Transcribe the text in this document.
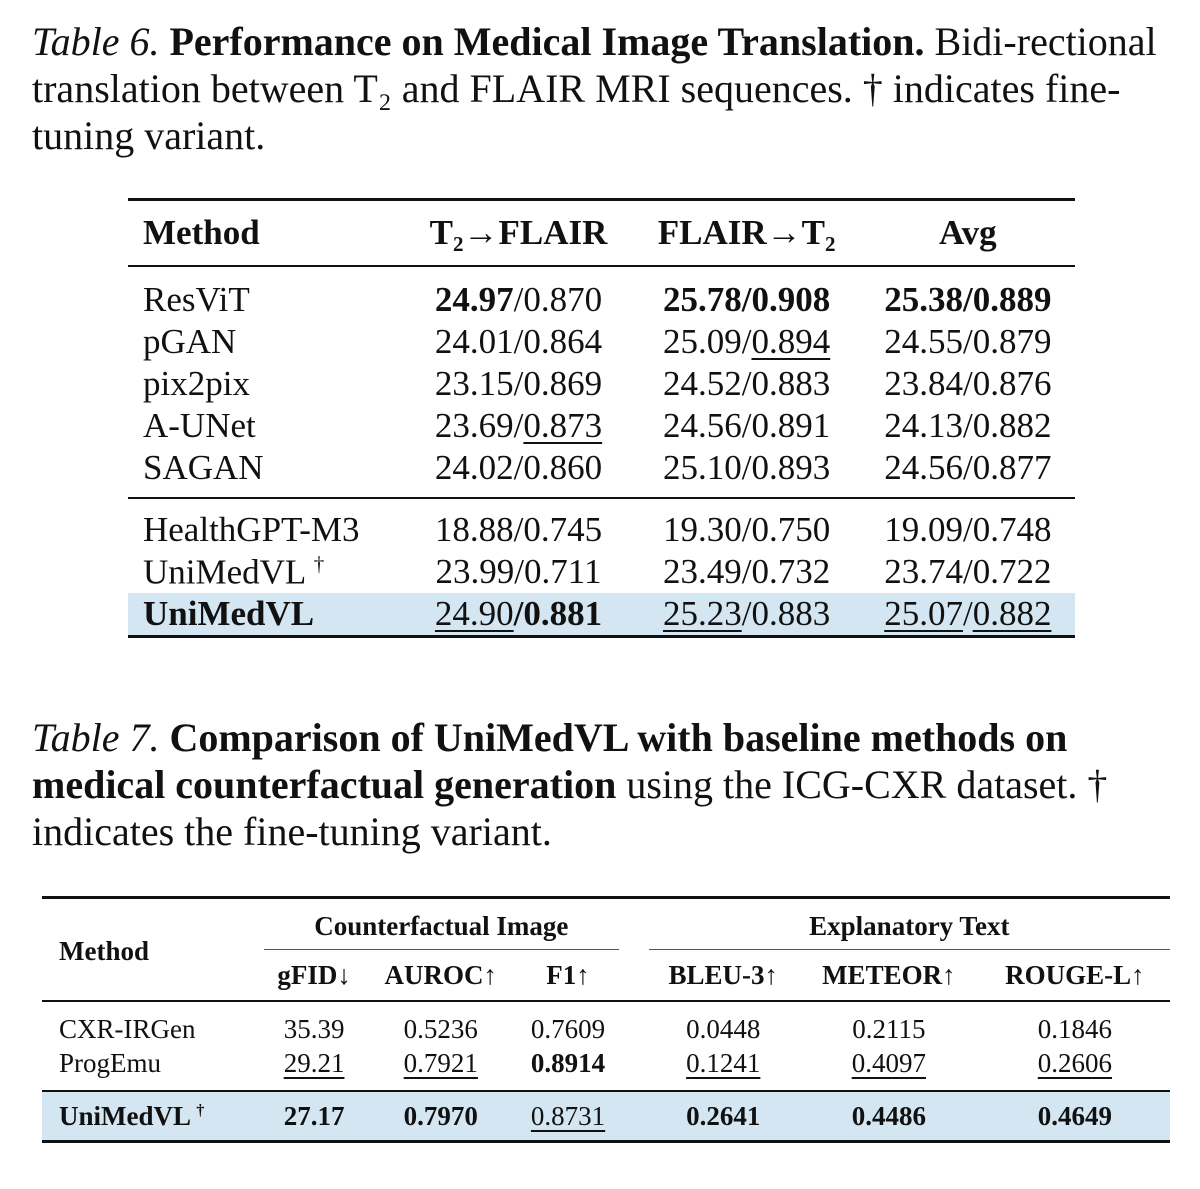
Table 6. Performance on Medical Image Translation. Bidi-rectional translation between T₂ and FLAIR MRI sequences. † indicates fine-tuning variant.

Method	T₂→FLAIR	FLAIR→T₂	Avg
ResViT	24.97/0.870	25.78/0.908	25.38/0.889
pGAN	24.01/0.864	25.09/0.894	24.55/0.879
pix2pix	23.15/0.869	24.52/0.883	23.84/0.876
A-UNet	23.69/0.873	24.56/0.891	24.13/0.882
SAGAN	24.02/0.860	25.10/0.893	24.56/0.877
HealthGPT-M3	18.88/0.745	19.30/0.750	19.09/0.748
UniMedVL †	23.99/0.711	23.49/0.732	23.74/0.722
UniMedVL	24.90/0.881	25.23/0.883	25.07/0.882

Table 7. Comparison of UniMedVL with baseline methods on medical counterfactual generation using the ICG-CXR dataset. † indicates the fine-tuning variant.

Method	Counterfactual Image				Explanatory Text		
	gFID↓	AUROC↑	F1↑		BLEU-3↑	METEOR↑	ROUGE-L↑
CXR-IRGen	35.39	0.5236	0.7609		0.0448	0.2115	0.1846
ProgEmu	29.21	0.7921	0.8914		0.1241	0.4097	0.2606
UniMedVL †	27.17	0.7970	0.8731		0.2641	0.4486	0.4649
